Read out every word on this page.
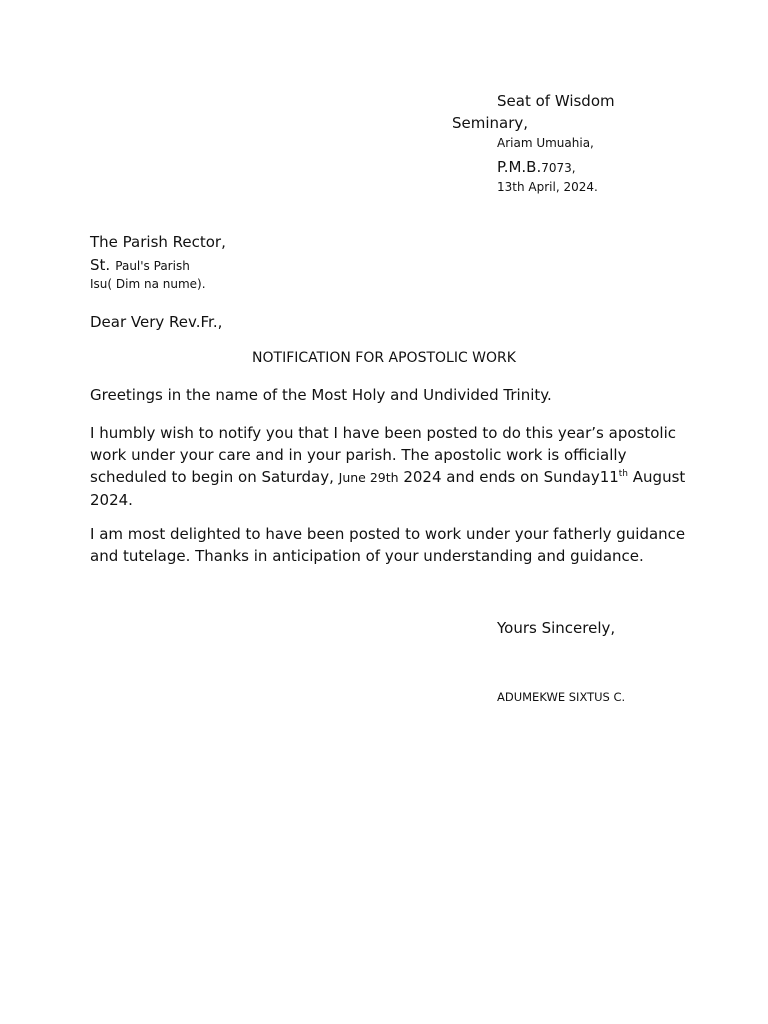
Seat of Wisdom

Seminary,

Ariam Umuahia,

P.M.B.7073,

13th April, 2024.

The Parish Rector,

St. Paul's Parish

Isu( Dim na nume).

Dear Very Rev.Fr.,

NOTIFICATION FOR APOSTOLIC WORK

Greetings in the name of the Most Holy and Undivided Trinity.

I humbly wish to notify you that I have been posted to do this year’s apostolic work under your care and in your parish. The apostolic work is officially scheduled to begin on Saturday, June 29th 2024 and ends on Sunday11th August 2024.

I am most delighted to have been posted to work under your fatherly guidance and tutelage. Thanks in anticipation of your understanding and guidance.

Yours Sincerely,

ADUMEKWE SIXTUS C.
